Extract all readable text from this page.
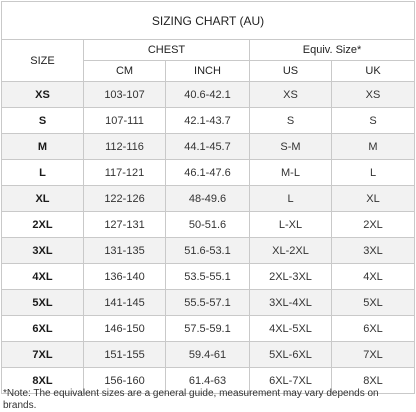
SIZING CHART (AU)				
SIZE	CHEST		Equiv. Size*	
	CM	INCH	US	UK
XS	103-107	40.6-42.1	XS	XS
S	107-111	42.1-43.7	S	S
M	112-116	44.1-45.7	S-M	M
L	117-121	46.1-47.6	M-L	L
XL	122-126	48-49.6	L	XL
2XL	127-131	50-51.6	L-XL	2XL
3XL	131-135	51.6-53.1	XL-2XL	3XL
4XL	136-140	53.5-55.1	2XL-3XL	4XL
5XL	141-145	55.5-57.1	3XL-4XL	5XL
6XL	146-150	57.5-59.1	4XL-5XL	6XL
7XL	151-155	59.4-61	5XL-6XL	7XL
8XL	156-160	61.4-63	6XL-7XL	8XL
*Note: The equivalent sizes are a general guide, measurement may vary depends on brands.
